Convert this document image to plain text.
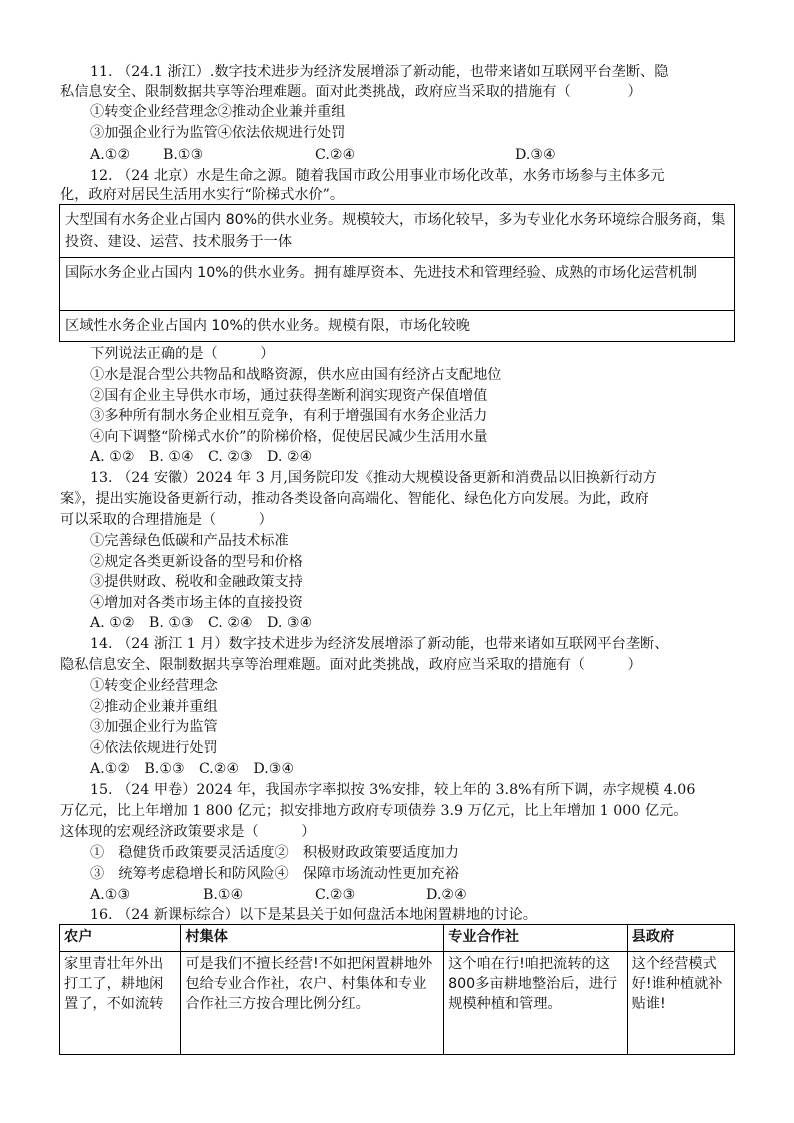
11. （24.1 浙江）.数字技术进步为经济发展增添了新动能，也带来诸如互联网平台垄断、隐
私信息安全、限制数据共享等治理难题。面对此类挑战，政府应当采取的措施有（　　　　）
①转变企业经营理念②推动企业兼并重组
③加强企业行为监管④依法依规进行处罚
A.①② B.①③	C.②④	D.③④
12. （24 北京）水是生命之源。随着我国市政公用事业市场化改革，水务市场参与主体多元
化，政府对居民生活用水实行“阶梯式水价”。
大型国有水务企业占国内 80%的供水业务。规模较大，市场化较早，多为专业化水务环境综合服务商，集投资、建设、运营、技术服务于一体
国际水务企业占国内 10%的供水业务。拥有雄厚资本、先进技术和管理经验、成熟的市场化运营机制
区域性水务企业占国内 10%的供水业务。规模有限，市场化较晚
下列说法正确的是（　　　）
①水是混合型公共物品和战略资源，供水应由国有经济占支配地位
②国有企业主导供水市场，通过获得垄断利润实现资产保值增值
③多种所有制水务企业相互竞争，有利于增强国有水务企业活力
④向下调整“阶梯式水价”的阶梯价格，促使居民减少生活用水量
A. ①②　B. ①④　C. ②③　D. ②④
13. （24 安徽）2024 年 3 月,国务院印发《推动大规模设备更新和消费品以旧换新行动方
案》，提出实施设备更新行动，推动各类设备向高端化、智能化、绿色化方向发展。为此，政府
可以采取的合理措施是（　　　）
①完善绿色低碳和产品技术标准
②规定各类更新设备的型号和价格
③提供财政、税收和金融政策支持
④增加对各类市场主体的直接投资
A. ①②　B. ①③　C. ②④　D. ③④
14. （24 浙江 1 月）数字技术进步为经济发展增添了新动能，也带来诸如互联网平台垄断、
隐私信息安全、限制数据共享等治理难题。面对此类挑战，政府应当采取的措施有（　　　）
①转变企业经营理念
②推动企业兼并重组
③加强企业行为监管
④依法依规进行处罚
A.①②　B.①③　C.②④　D.③④
15. （24 甲卷）2024 年，我国赤字率拟按 3%安排，较上年的 3.8%有所下调，赤字规模 4.06
万亿元，比上年增加 1 800 亿元；拟安排地方政府专项债券 3.9 万亿元，比上年增加 1 000 亿元。
这体现的宏观经济政策要求是（　　　）
①　稳健货币政策要灵活适度②　积极财政政策要适度加力
③　统筹考虑稳增长和防风险④　保障市场流动性更加充裕
A.①③	B.①④	C.②③	D.②④
16. （24 新课标综合）以下是某县关于如何盘活本地闲置耕地的讨论。
农户	村集体	专业合作社	县政府
家里青壮年外出打工了，耕地闲置了，不如流转	可是我们不擅长经营!不如把闲置耕地外包给专业合作社，农户、村集体和专业合作社三方按合理比例分红。	这个咱在行!咱把流转的这　800多亩耕地整治后，进行规模种植和管理。	这个经营模式好!谁种植就补贴谁!
